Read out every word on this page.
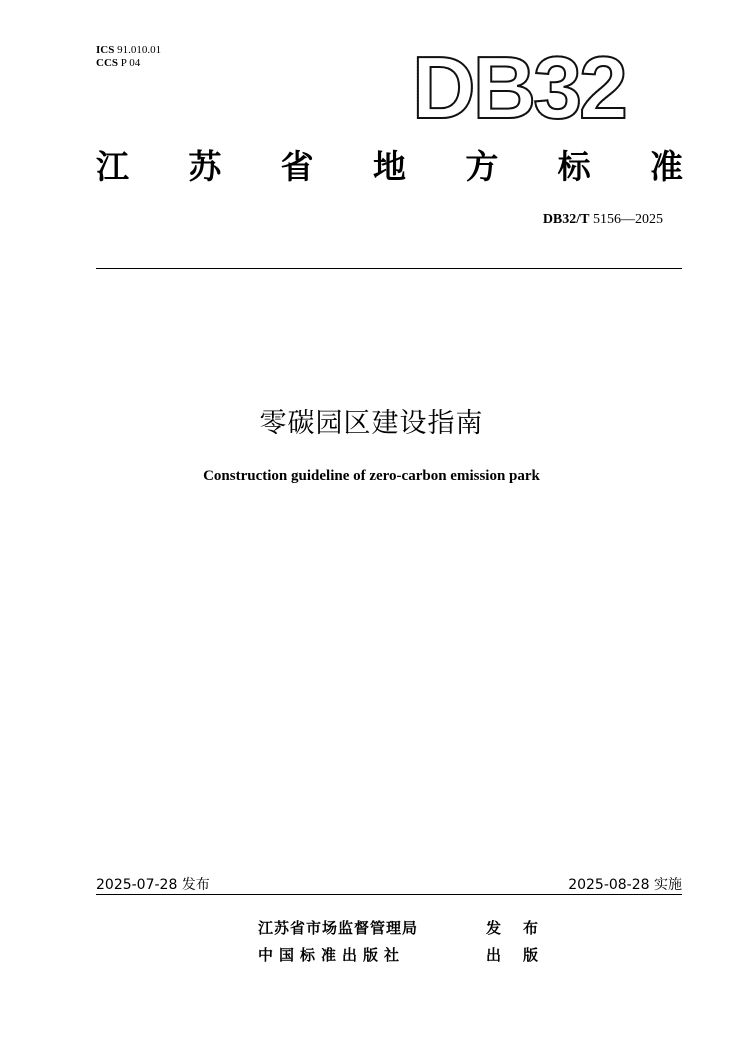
ICS 91.010.01
CCS P 04	DB32
江 苏 省 地 方 标 准
DB32/T 5156—2025
零碳园区建设指南
Construction guideline of zero-carbon emission park
2025-07-28 发布	2025-08-28 实施
江苏省市场监督管理局	发 布
中国标准出版社	出 版
